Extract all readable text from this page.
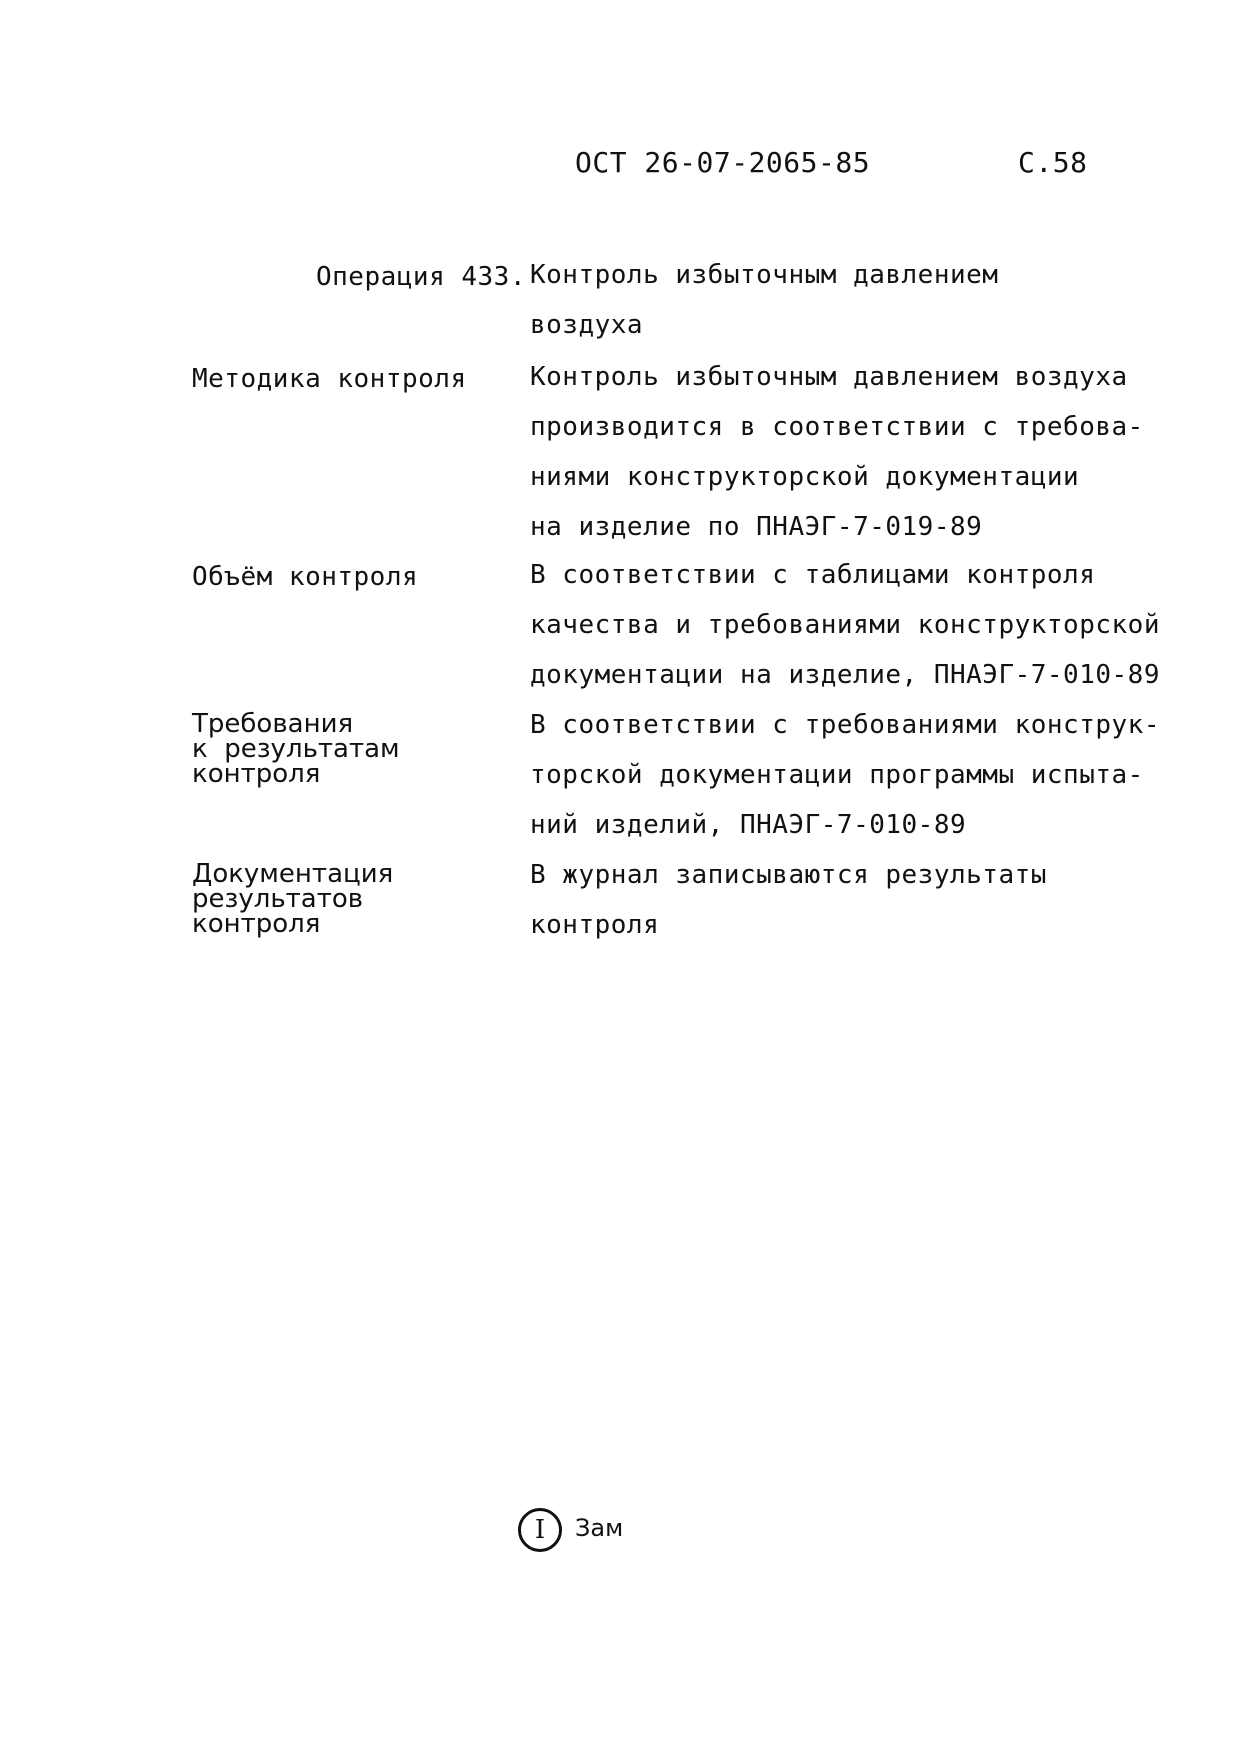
ОСТ 26-07-2065-85	С.58
Операция 433. Контроль избыточным давлением
воздуха
Методика контроля Контроль избыточным давлением воздуха
производится в соответствии с требова-
ниями конструкторской документации
на изделие по ПНАЭГ-7-019-89
Объём контроля	В соответствии с таблицами контроля
качества и требованиями конструкторской
документации на изделие, ПНАЭГ-7-010-89
Требования
к  результатам
контроля
В соответствии с требованиями конструк-
торской документации программы испыта-
ний изделий, ПНАЭГ-7-010-89
Документация
результатов
контроля
В журнал записываются результаты
контроля
I Зам
